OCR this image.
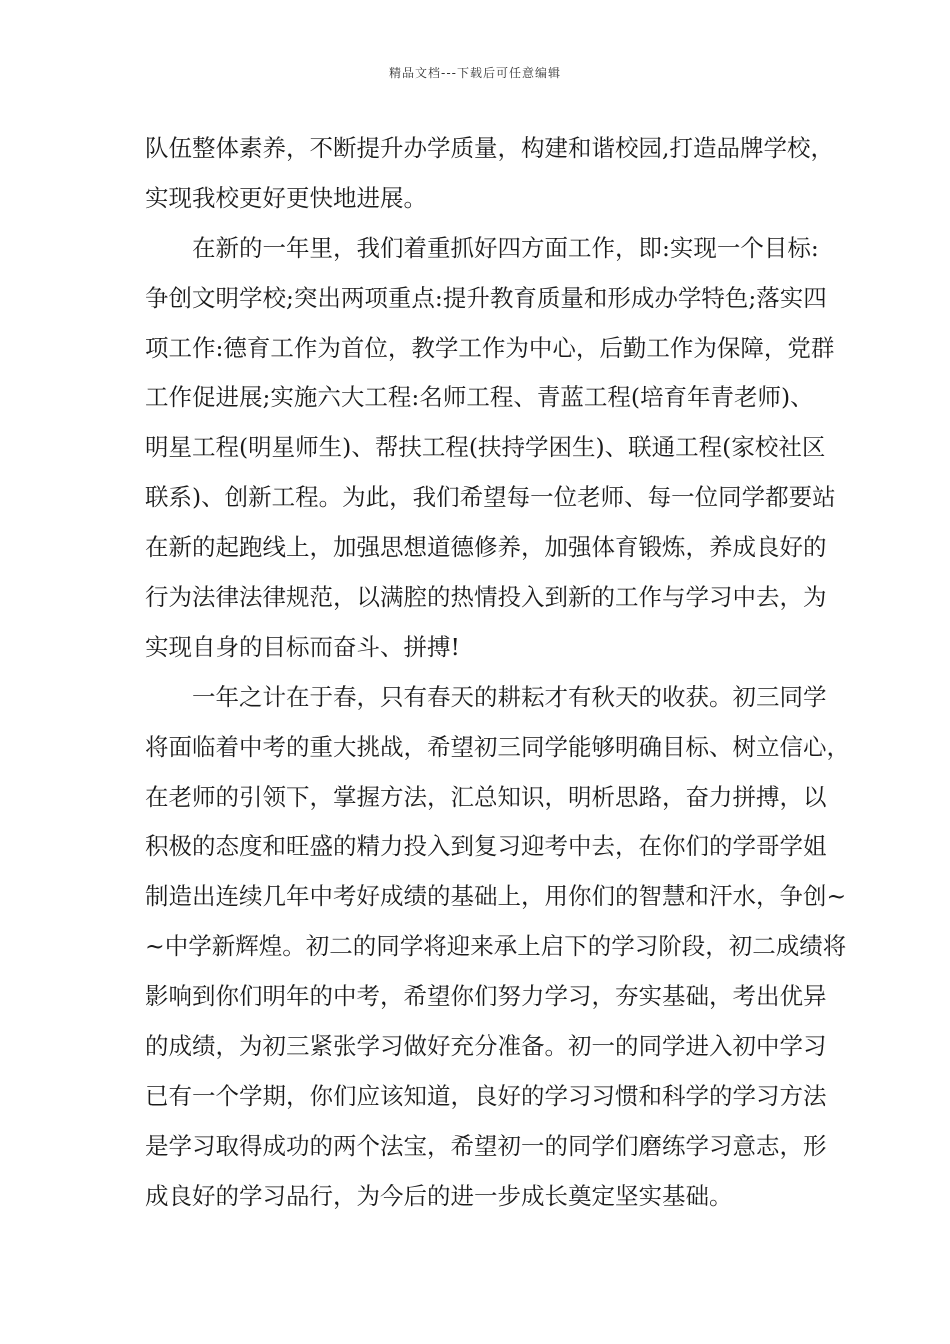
精品文档---下载后可任意编辑
队伍整体素养，不断提升办学质量，构建和谐校园,打造品牌学校，
实现我校更好更快地进展。
在新的一年里，我们着重抓好四方面工作，即:实现一个目标:
争创文明学校;突出两项重点:提升教育质量和形成办学特色;落实四
项工作:德育工作为首位，教学工作为中心，后勤工作为保障，党群
工作促进展;实施六大工程:名师工程、青蓝工程(培育年青老师)、
明星工程(明星师生)、帮扶工程(扶持学困生)、联通工程(家校社区
联系)、创新工程。为此，我们希望每一位老师、每一位同学都要站
在新的起跑线上，加强思想道德修养，加强体育锻炼，养成良好的
行为法律法律规范，以满腔的热情投入到新的工作与学习中去，为
实现自身的目标而奋斗、拼搏!
一年之计在于春，只有春天的耕耘才有秋天的收获。初三同学
将面临着中考的重大挑战，希望初三同学能够明确目标、树立信心，
在老师的引领下，掌握方法，汇总知识，明析思路，奋力拼搏，以
积极的态度和旺盛的精力投入到复习迎考中去，在你们的学哥学姐
制造出连续几年中考好成绩的基础上，用你们的智慧和汗水，争创~
~中学新辉煌。初二的同学将迎来承上启下的学习阶段，初二成绩将
影响到你们明年的中考，希望你们努力学习，夯实基础，考出优异
的成绩，为初三紧张学习做好充分准备。初一的同学进入初中学习
已有一个学期，你们应该知道，良好的学习习惯和科学的学习方法
是学习取得成功的两个法宝，希望初一的同学们磨练学习意志，形
成良好的学习品行，为今后的进一步成长奠定坚实基础。
